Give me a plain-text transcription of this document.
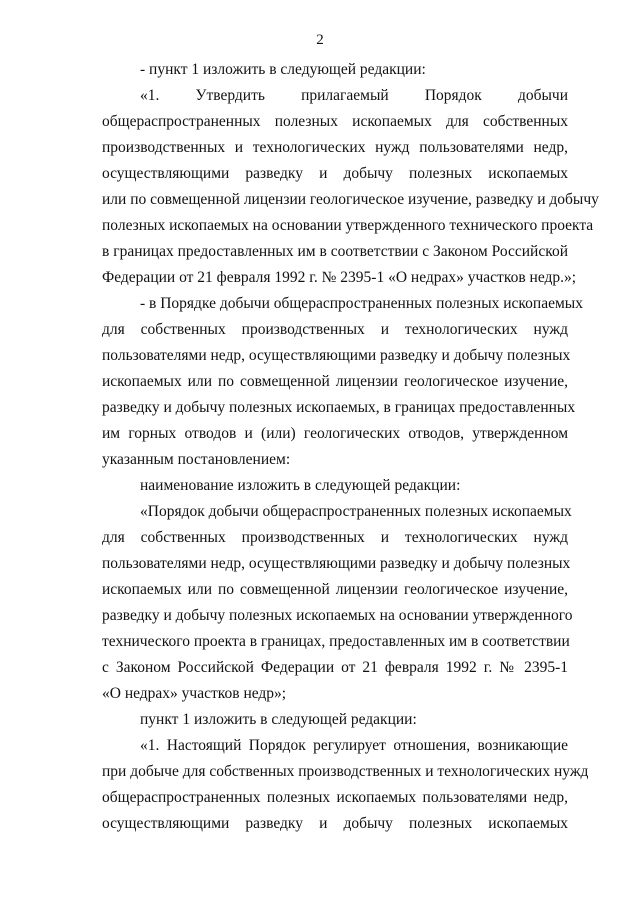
2
- пункт 1 изложить в следующей редакции:
«1. Утвердить прилагаемый Порядок добычи
общераспространенных полезных ископаемых для собственных
производственных и технологических нужд пользователями недр,
осуществляющими разведку и добычу полезных ископаемых
или по совмещенной лицензии геологическое изучение, разведку и добычу
полезных ископаемых на основании утвержденного технического проекта
в границах предоставленных им в соответствии с Законом Российской
Федерации от 21 февраля 1992 г. № 2395-1 «О недрах» участков недр.»;
- в Порядке добычи общераспространенных полезных ископаемых
для собственных производственных и технологических нужд
пользователями недр, осуществляющими разведку и добычу полезных
ископаемых или по совмещенной лицензии геологическое изучение,
разведку и добычу полезных ископаемых, в границах предоставленных
им горных отводов и (или) геологических отводов, утвержденном
указанным постановлением:
наименование изложить в следующей редакции:
«Порядок добычи общераспространенных полезных ископаемых
для собственных производственных и технологических нужд
пользователями недр, осуществляющими разведку и добычу полезных
ископаемых или по совмещенной лицензии геологическое изучение,
разведку и добычу полезных ископаемых на основании утвержденного
технического проекта в границах, предоставленных им в соответствии
с Законом Российской Федерации от 21 февраля 1992 г. № 2395-1
«О недрах» участков недр»;
пункт 1 изложить в следующей редакции:
«1. Настоящий Порядок регулирует отношения, возникающие
при добыче для собственных производственных и технологических нужд
общераспространенных полезных ископаемых пользователями недр,
осуществляющими разведку и добычу полезных ископаемых
